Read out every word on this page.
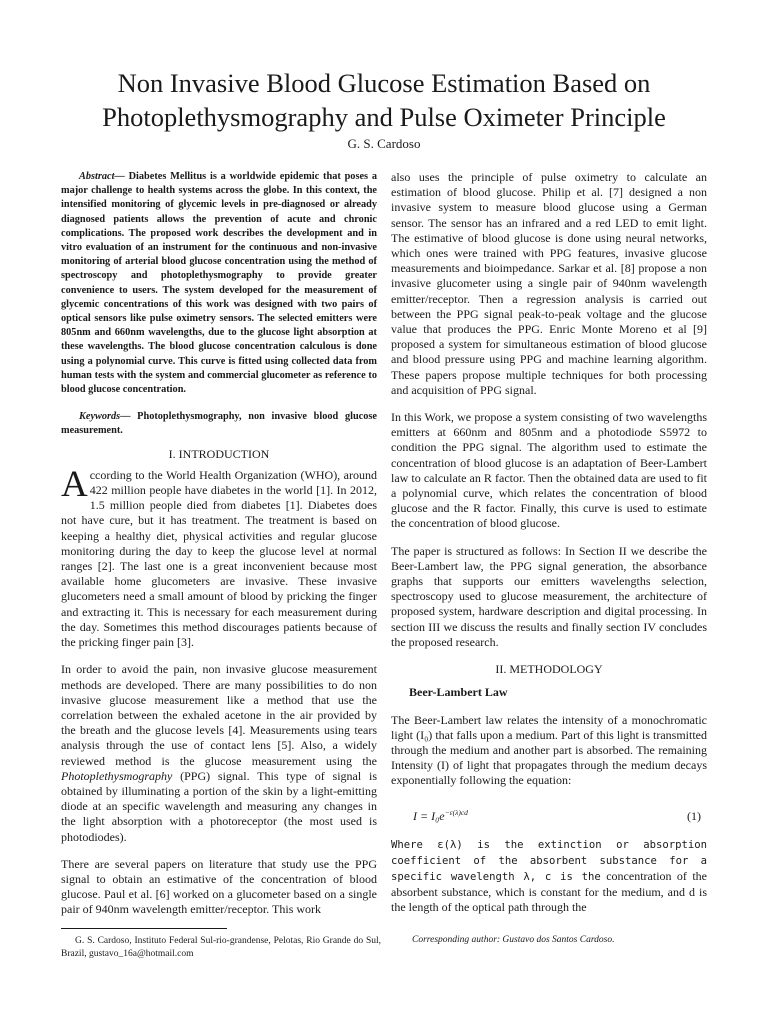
Non Invasive Blood Glucose Estimation Based on Photoplethysmography and Pulse Oximeter Principle
G. S. Cardoso

Abstract— Diabetes Mellitus is a worldwide epidemic that poses a major challenge to health systems across the globe. In this context, the intensified monitoring of glycemic levels in pre-diagnosed or already diagnosed patients allows the prevention of acute and chronic complications. The proposed work describes the development and in vitro evaluation of an instrument for the continuous and non-invasive monitoring of arterial blood glucose concentration using the method of spectroscopy and photoplethysmography to provide greater convenience to users. The system developed for the measurement of glycemic concentrations of this work was designed with two pairs of optical sensors like pulse oximetry sensors. The selected emitters were 805nm and 660nm wavelengths, due to the glucose light absorption at these wavelengths. The blood glucose concentration calculous is done using a polynomial curve. This curve is fitted using collected data from human tests with the system and commercial glucometer as reference to blood glucose concentration.

Keywords— Photoplethysmography, non invasive blood glucose measurement.

I. INTRODUCTION

According to the World Health Organization (WHO), around 422 million people have diabetes in the world [1]. In 2012, 1.5 million people died from diabetes [1]. Diabetes does not have cure, but it has treatment. The treatment is based on keeping a healthy diet, physical activities and regular glucose monitoring during the day to keep the glucose level at normal ranges [2]. The last one is a great inconvenient because most available home glucometers are invasive. These invasive glucometers need a small amount of blood by pricking the finger and extracting it. This is necessary for each measurement during the day. Sometimes this method discourages patients because of the pricking finger pain [3].

In order to avoid the pain, non invasive glucose measurement methods are developed. There are many possibilities to do non invasive glucose measurement like a method that use the correlation between the exhaled acetone in the air provided by the breath and the glucose levels [4]. Measurements using tears analysis through the use of contact lens [5]. Also, a widely reviewed method is the glucose measurement using the Photoplethysmography (PPG) signal. This type of signal is obtained by illuminating a portion of the skin by a light-emitting diode at an specific wavelength and measuring any changes in the light absorption with a photoreceptor (the most used is photodiodes).

There are several papers on literature that study use the PPG signal to obtain an estimative of the concentration of blood glucose. Paul et al. [6] worked on a glucometer based on a single pair of 940nm wavelength emitter/receptor. This work

also uses the principle of pulse oximetry to calculate an estimation of blood glucose. Philip et al. [7] designed a non invasive system to measure blood glucose using a German sensor. The sensor has an infrared and a red LED to emit light. The estimative of blood glucose is done using neural networks, which ones were trained with PPG features, invasive glucose measurements and bioimpedance. Sarkar et al. [8] propose a non invasive glucometer using a single pair of 940nm wavelength emitter/receptor. Then a regression analysis is carried out between the PPG signal peak-to-peak voltage and the glucose value that produces the PPG. Enric Monte Moreno et al [9] proposed a system for simultaneous estimation of blood glucose and blood pressure using PPG and machine learning algorithm. These papers propose multiple techniques for both processing and acquisition of PPG signal.

In this Work, we propose a system consisting of two wavelengths emitters at 660nm and 805nm and a photodiode S5972 to condition the PPG signal. The algorithm used to estimate the concentration of blood glucose is an adaptation of Beer-Lambert law to calculate an R factor. Then the obtained data are used to fit a polynomial curve, which relates the concentration of blood glucose and the R factor. Finally, this curve is used to estimate the concentration of blood glucose.

The paper is structured as follows: In Section II we describe the Beer-Lambert law, the PPG signal generation, the absorbance graphs that supports our emitters wavelengths selection, spectroscopy used to glucose measurement, the architecture of proposed system, hardware description and digital processing. In section III we discuss the results and finally section IV concludes the proposed research.

II. METHODOLOGY

Beer-Lambert Law

The Beer-Lambert law relates the intensity of a monochromatic light (I₀) that falls upon a medium. Part of this light is transmitted through the medium and another part is absorbed. The remaining Intensity (I) of light that propagates through the medium decays exponentially following the equation:

$I = I_0e^{-\varepsilon(\lambda)cd}$	(1)

Where ε(λ) is the extinction or absorption coefficient of the absorbent substance for a specific wavelength λ, c is the concentration of the absorbent substance, which is constant for the medium, and d is the length of the optical path through the

G. S. Cardoso, Instituto Federal Sul-rio-grandense, Pelotas, Rio Grande do Sul, Brazil, gustavo_16a@hotmail.com
Corresponding author: Gustavo dos Santos Cardoso.
